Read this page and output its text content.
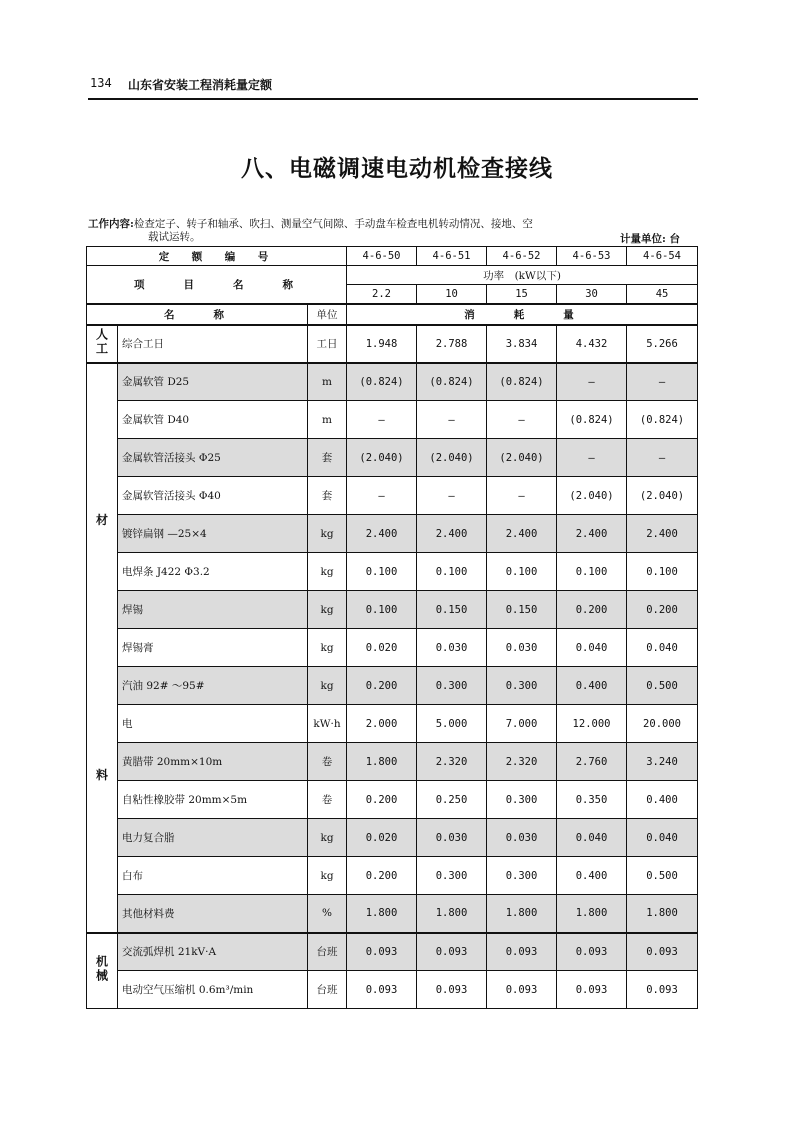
134 山东省安装工程消耗量定额
八、电磁调速电动机检查接线
工作内容:检查定子、转子和轴承、吹扫、测量空气间隙、手动盘车检查电机转动情况、接地、空
载试运转。	计量单位: 台
定　额　编　号			4-6-50	4-6-51	4-6-52	4-6-53	4-6-54
项　　目　　名　　称			功率　(kW以下)				
			2.2	10	15	30	45
名　　称		单位	消　　耗　　量				
人工	综合工日	工日	1.948	2.788	3.834	4.432	5.266

材
料	金属软管 D25	m	(0.824)	(0.824)	(0.824)	—	—
	金属软管 D40	m	—	—	—	(0.824)	(0.824)
	金属软管活接头 Φ25	套	(2.040)	(2.040)	(2.040)	—	—
	金属软管活接头 Φ40	套	—	—	—	(2.040)	(2.040)
	镀锌扁钢 —25×4	kg	2.400	2.400	2.400	2.400	2.400
	电焊条 J422 Φ3.2	kg	0.100	0.100	0.100	0.100	0.100
	焊锡	kg	0.100	0.150	0.150	0.200	0.200
	焊锡膏	kg	0.020	0.030	0.030	0.040	0.040
	汽油 92# ～95#	kg	0.200	0.300	0.300	0.400	0.500
	电	kW·h	2.000	5.000	7.000	12.000	20.000
	黄腊带 20mm×10m	卷	1.800	2.320	2.320	2.760	3.240
	自粘性橡胶带 20mm×5m	卷	0.200	0.250	0.300	0.350	0.400
	电力复合脂	kg	0.020	0.030	0.030	0.040	0.040
	白布	kg	0.200	0.300	0.300	0.400	0.500
	其他材料费	%	1.800	1.800	1.800	1.800	1.800
机械	交流弧焊机 21kV·A	台班	0.093	0.093	0.093	0.093	0.093
	电动空气压缩机 0.6m³/min	台班	0.093	0.093	0.093	0.093	0.093
